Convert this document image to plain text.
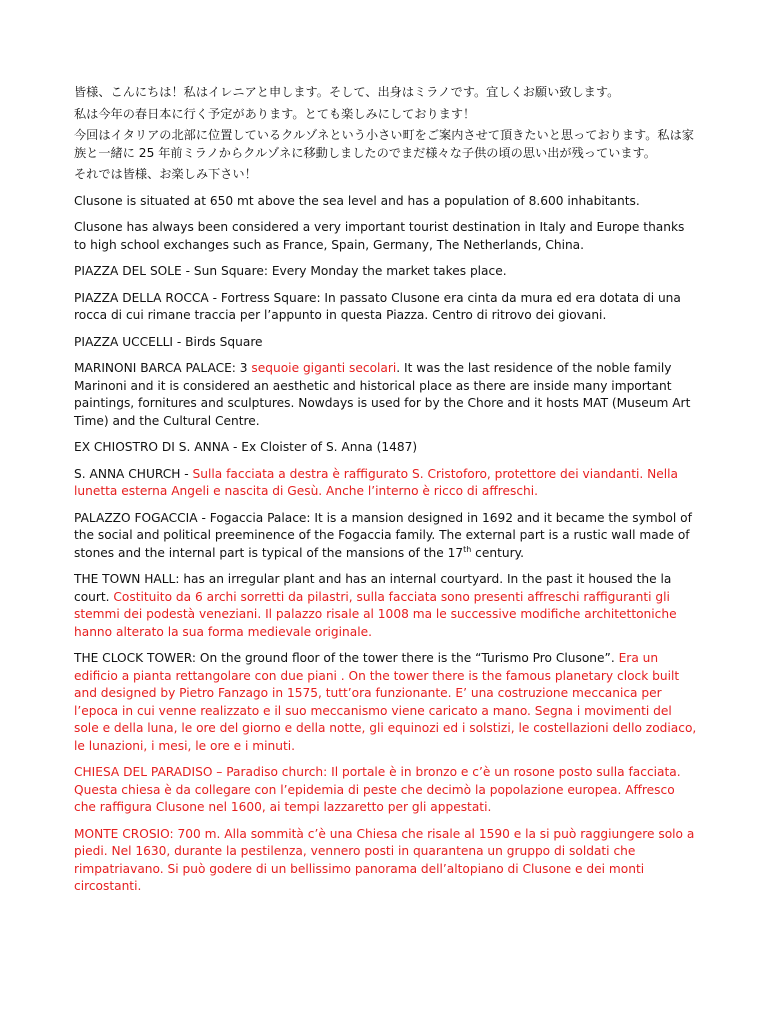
皆様、こんにちは！私はイレニアと申します。そして、出身はミラノです。宜しくお願い致します。

私は今年の春日本に行く予定があります。とても楽しみにしております！

今回はイタリアの北部に位置しているクルゾネという小さい町をご案内させて頂きたいと思っております。私は家族と一緒に 25 年前ミラノからクルゾネに移動しましたのでまだ様々な子供の頃の思い出が残っています。

それでは皆様、お楽しみ下さい！

Clusone is situated at 650 mt above the sea level and has a population of 8.600 inhabitants.

Clusone has always been considered a very important tourist destination in Italy and Europe thanks to high school exchanges such as France, Spain, Germany, The Netherlands, China.

PIAZZA DEL SOLE - Sun Square: Every Monday the market takes place.

PIAZZA DELLA ROCCA - Fortress Square: In passato Clusone era cinta da mura ed era dotata di una rocca di cui rimane traccia per l’appunto in questa Piazza. Centro di ritrovo dei giovani.

PIAZZA UCCELLI - Birds Square

MARINONI BARCA PALACE: 3 sequoie giganti secolari. It was the last residence of the noble family Marinoni and it is considered an aesthetic and historical place as there are inside many important paintings, fornitures and sculptures. Nowdays is used for by the Chore and it hosts MAT (Museum Art Time) and the Cultural Centre.

EX CHIOSTRO DI S. ANNA - Ex Cloister of S. Anna (1487)

S. ANNA CHURCH - Sulla facciata a destra è raffigurato S. Cristoforo, protettore dei viandanti. Nella lunetta esterna Angeli e nascita di Gesù. Anche l’interno è ricco di affreschi.

PALAZZO FOGACCIA - Fogaccia Palace: It is a mansion designed in 1692 and it became the symbol of the social and political preeminence of the Fogaccia family. The external part is a rustic wall made of stones and the internal part is typical of the mansions of the 17th century.

THE TOWN HALL: has an irregular plant and has an internal courtyard. In the past it housed the la court. Costituito da 6 archi sorretti da pilastri, sulla facciata sono presenti affreschi raffiguranti gli stemmi dei podestà veneziani. Il palazzo risale al 1008 ma le successive modifiche architettoniche hanno alterato la sua forma medievale originale.

THE CLOCK TOWER: On the ground floor of the tower there is the “Turismo Pro Clusone”. Era un edificio a pianta rettangolare con due piani . On the tower there is the famous planetary clock built and designed by Pietro Fanzago in 1575, tutt’ora funzionante. E’ una costruzione meccanica per l’epoca in cui venne realizzato e il suo meccanismo viene caricato a mano. Segna i movimenti del sole e della luna, le ore del giorno e della notte, gli equinozi ed i solstizi, le costellazioni dello zodiaco, le lunazioni, i mesi, le ore e i minuti.

CHIESA DEL PARADISO – Paradiso church: Il portale è in bronzo e c’è un rosone posto sulla facciata. Questa chiesa è da collegare con l’epidemia di peste che decimò la popolazione europea. Affresco che raffigura Clusone nel 1600, ai tempi lazzaretto per gli appestati.

MONTE CROSIO: 700 m. Alla sommità c’è una Chiesa che risale al 1590 e la si può raggiungere solo a piedi. Nel 1630, durante la pestilenza, vennero posti in quarantena un gruppo di soldati che rimpatriavano. Si può godere di un bellissimo panorama dell’altopiano di Clusone e dei monti circostanti.
